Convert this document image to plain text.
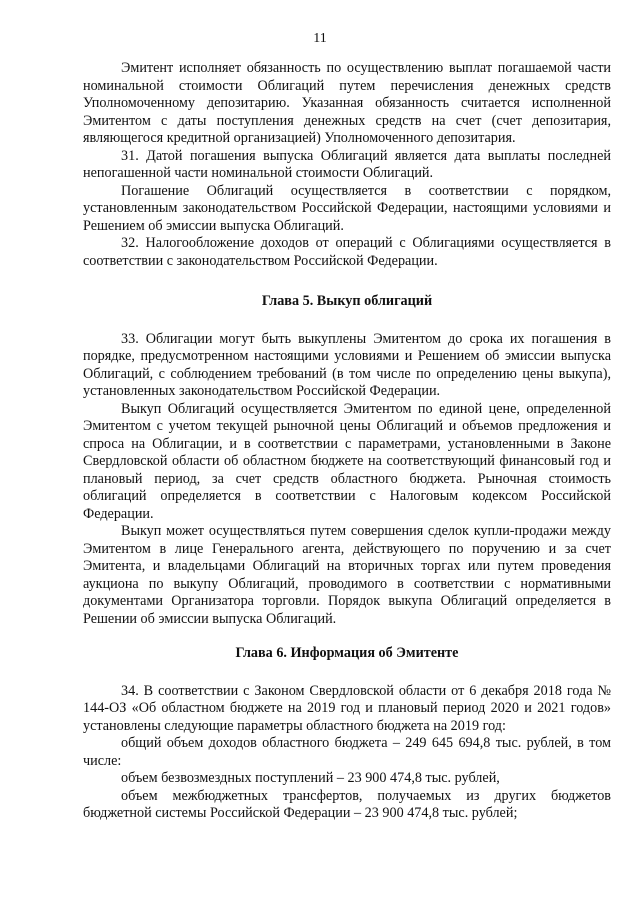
11

Эмитент исполняет обязанность по осуществлению выплат погашаемой части номинальной стоимости Облигаций путем перечисления денежных средств Уполномоченному депозитарию. Указанная обязанность считается исполненной Эмитентом с даты поступления денежных средств на счет (счет депозитария, являющегося кредитной организацией) Уполномоченного депозитария.

31. Датой погашения выпуска Облигаций является дата выплаты последней непогашенной части номинальной стоимости Облигаций.

Погашение Облигаций осуществляется в соответствии с порядком, установленным законодательством Российской Федерации, настоящими условиями и Решением об эмиссии выпуска Облигаций.

32. Налогообложение доходов от операций с Облигациями осуществляется в соответствии с законодательством Российской Федерации.

Глава 5. Выкуп облигаций

33. Облигации могут быть выкуплены Эмитентом до срока их погашения в порядке, предусмотренном настоящими условиями и Решением об эмиссии выпуска Облигаций, с соблюдением требований (в том числе по определению цены выкупа), установленных законодательством Российской Федерации.

Выкуп Облигаций осуществляется Эмитентом по единой цене, определенной Эмитентом с учетом текущей рыночной цены Облигаций и объемов предложения и спроса на Облигации, и в соответствии с параметрами, установленными в Законе Свердловской области об областном бюджете на соответствующий финансовый год и плановый период, за счет средств областного бюджета. Рыночная стоимость облигаций определяется в соответствии с Налоговым кодексом Российской Федерации.

Выкуп может осуществляться путем совершения сделок купли-продажи между Эмитентом в лице Генерального агента, действующего по поручению и за счет Эмитента, и владельцами Облигаций на вторичных торгах или путем проведения аукциона по выкупу Облигаций, проводимого в соответствии с нормативными документами Организатора торговли. Порядок выкупа Облигаций определяется в Решении об эмиссии выпуска Облигаций.

Глава 6. Информация об Эмитенте

34. В соответствии с Законом Свердловской области от 6 декабря 2018 года № 144-ОЗ «Об областном бюджете на 2019 год и плановый период 2020 и 2021 годов» установлены следующие параметры областного бюджета на 2019 год:

общий объем доходов областного бюджета – 249 645 694,8 тыс. рублей, в том числе:

объем безвозмездных поступлений – 23 900 474,8 тыс. рублей,

объем межбюджетных трансфертов, получаемых из других бюджетов бюджетной системы Российской Федерации – 23 900 474,8 тыс. рублей;
